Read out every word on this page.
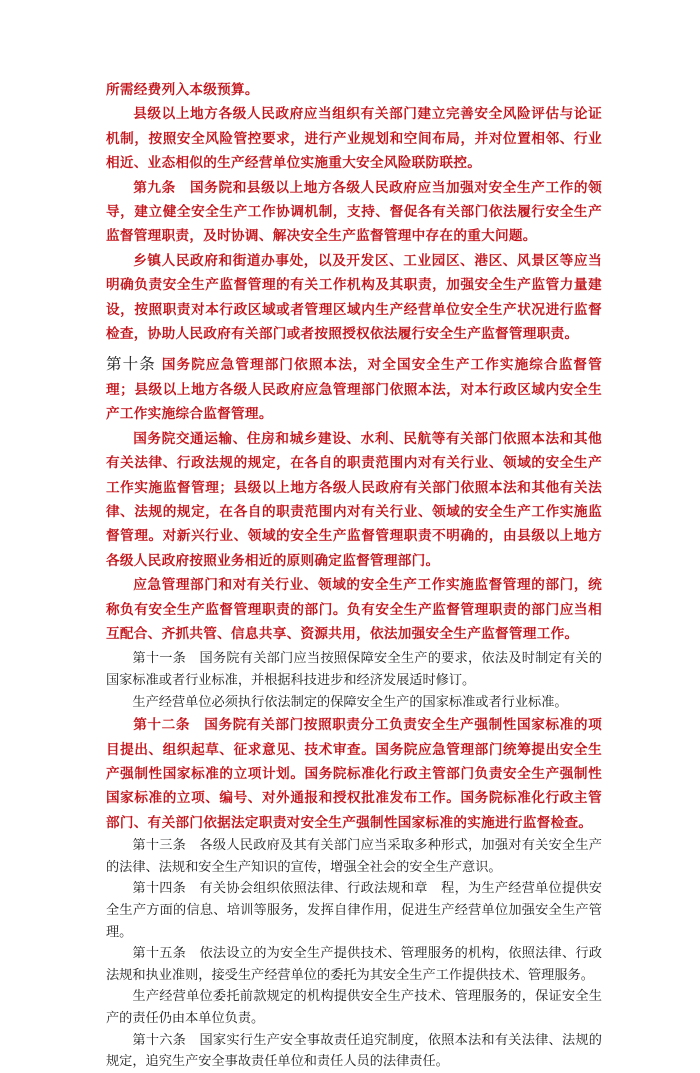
所需经费列入本级预算。

县级以上地方各级人民政府应当组织有关部门建立完善安全风险评估与论证机制，按照安全风险管控要求，进行产业规划和空间布局，并对位置相邻、行业相近、业态相似的生产经营单位实施重大安全风险联防联控。

第九条　国务院和县级以上地方各级人民政府应当加强对安全生产工作的领导，建立健全安全生产工作协调机制，支持、督促各有关部门依法履行安全生产监督管理职责，及时协调、解决安全生产监督管理中存在的重大问题。

乡镇人民政府和街道办事处，以及开发区、工业园区、港区、风景区等应当明确负责安全生产监督管理的有关工作机构及其职责，加强安全生产监管力量建设，按照职责对本行政区域或者管理区域内生产经营单位安全生产状况进行监督检查，协助人民政府有关部门或者按照授权依法履行安全生产监督管理职责。

第十条 国务院应急管理部门依照本法，对全国安全生产工作实施综合监督管理；县级以上地方各级人民政府应急管理部门依照本法，对本行政区域内安全生产工作实施综合监督管理。

国务院交通运输、住房和城乡建设、水利、民航等有关部门依照本法和其他有关法律、行政法规的规定，在各自的职责范围内对有关行业、领域的安全生产工作实施监督管理；县级以上地方各级人民政府有关部门依照本法和其他有关法律、法规的规定，在各自的职责范围内对有关行业、领域的安全生产工作实施监督管理。对新兴行业、领域的安全生产监督管理职责不明确的，由县级以上地方各级人民政府按照业务相近的原则确定监督管理部门。

应急管理部门和对有关行业、领域的安全生产工作实施监督管理的部门，统称负有安全生产监督管理职责的部门。负有安全生产监督管理职责的部门应当相互配合、齐抓共管、信息共享、资源共用，依法加强安全生产监督管理工作。

第十一条　国务院有关部门应当按照保障安全生产的要求，依法及时制定有关的国家标准或者行业标准，并根据科技进步和经济发展适时修订。

生产经营单位必须执行依法制定的保障安全生产的国家标准或者行业标准。

第十二条　国务院有关部门按照职责分工负责安全生产强制性国家标准的项目提出、组织起草、征求意见、技术审查。国务院应急管理部门统筹提出安全生产强制性国家标准的立项计划。国务院标准化行政主管部门负责安全生产强制性国家标准的立项、编号、对外通报和授权批准发布工作。国务院标准化行政主管部门、有关部门依据法定职责对安全生产强制性国家标准的实施进行监督检查。

第十三条　各级人民政府及其有关部门应当采取多种形式，加强对有关安全生产的法律、法规和安全生产知识的宣传，增强全社会的安全生产意识。

第十四条　有关协会组织依照法律、行政法规和章　程，为生产经营单位提供安全生产方面的信息、培训等服务，发挥自律作用，促进生产经营单位加强安全生产管理。

第十五条　依法设立的为安全生产提供技术、管理服务的机构，依照法律、行政法规和执业准则，接受生产经营单位的委托为其安全生产工作提供技术、管理服务。

生产经营单位委托前款规定的机构提供安全生产技术、管理服务的，保证安全生产的责任仍由本单位负责。

第十六条　国家实行生产安全事故责任追究制度，依照本法和有关法律、法规的规定，追究生产安全事故责任单位和责任人员的法律责任。
